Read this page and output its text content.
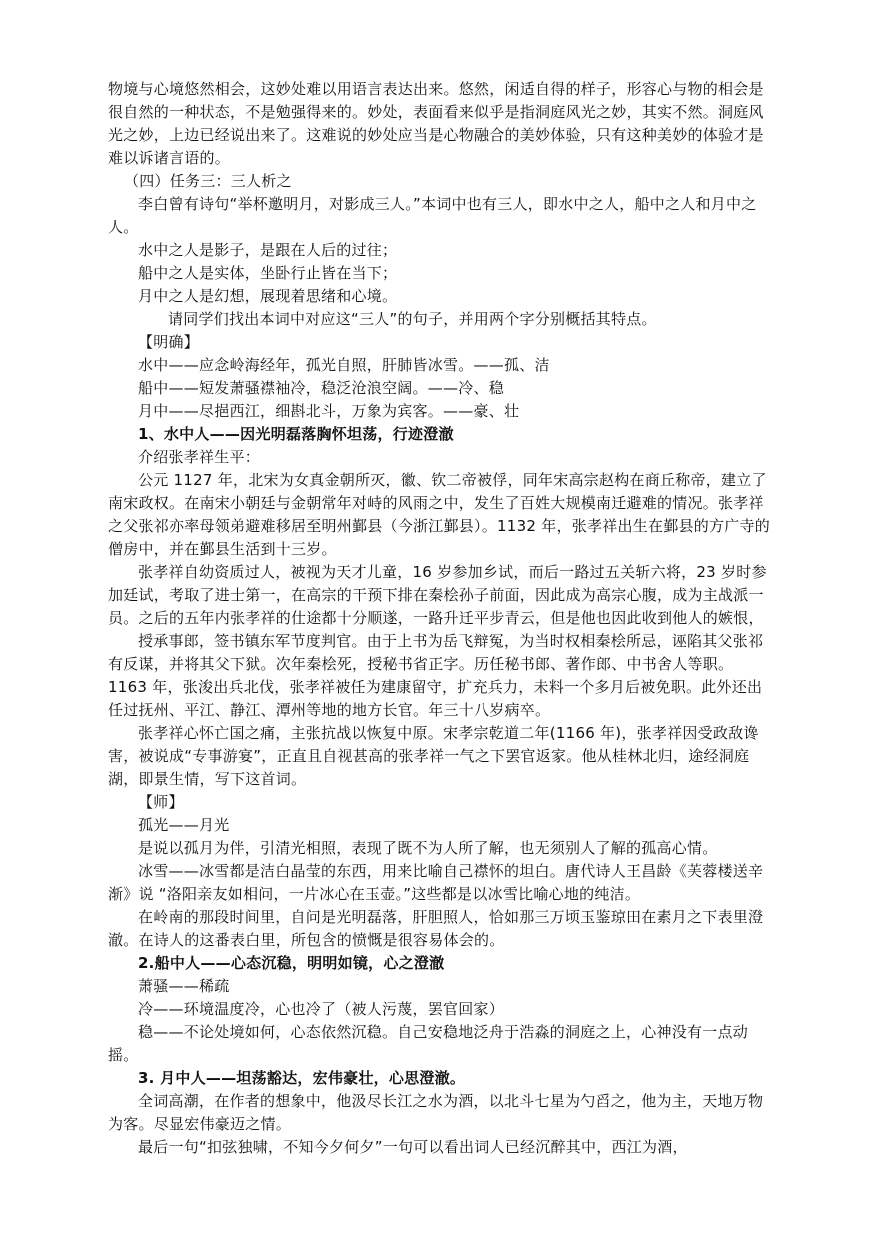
物境与心境悠然相会，这妙处难以用语言表达出来。悠然，闲适自得的样子，形容心与物的相会是很自然的一种状态，不是勉强得来的。妙处，表面看来似乎是指洞庭风光之妙，其实不然。洞庭风光之妙，上边已经说出来了。这难说的妙处应当是心物融合的美妙体验，只有这种美妙的体验才是难以诉诸言语的。

（四）任务三：三人析之

李白曾有诗句“举杯邀明月，对影成三人。”本词中也有三人，即水中之人，船中之人和月中之人。

水中之人是影子，是跟在人后的过往；

船中之人是实体，坐卧行止皆在当下；

月中之人是幻想，展现着思绪和心境。

请同学们找出本词中对应这“三人”的句子，并用两个字分别概括其特点。

【明确】

水中——应念岭海经年，孤光自照，肝肺皆冰雪。——孤、洁

船中——短发萧骚襟袖冷，稳泛沧浪空阔。——冷、稳

月中——尽挹西江，细斟北斗，万象为宾客。——豪、壮

1、水中人——因光明磊落胸怀坦荡，行迹澄澈

介绍张孝祥生平：

公元 1127 年，北宋为女真金朝所灭，徽、钦二帝被俘，同年宋高宗赵构在商丘称帝，建立了南宋政权。在南宋小朝廷与金朝常年对峙的风雨之中，发生了百姓大规模南迁避难的情况。张孝祥之父张祁亦率母领弟避难移居至明州鄞县（今浙江鄞县）。1132 年，张孝祥出生在鄞县的方广寺的僧房中，并在鄞县生活到十三岁。

张孝祥自幼资质过人，被视为天才儿童，16 岁参加乡试，而后一路过五关斩六将，23 岁时参加廷试，考取了进士第一，在高宗的干预下排在秦桧孙子前面，因此成为高宗心腹，成为主战派一员。之后的五年内张孝祥的仕途都十分顺遂，一路升迁平步青云，但是他也因此收到他人的嫉恨，

授承事郎，签书镇东军节度判官。由于上书为岳飞辩冤，为当时权相秦桧所忌，诬陷其父张祁有反谋，并将其父下狱。次年秦桧死，授秘书省正字。历任秘书郎、著作郎、中书舍人等职。1163 年，张浚出兵北伐，张孝祥被任为建康留守，扩充兵力，未料一个多月后被免职。此外还出任过抚州、平江、静江、潭州等地的地方长官。年三十八岁病卒。

张孝祥心怀亡国之痛，主张抗战以恢复中原。宋孝宗乾道二年(1166 年)，张孝祥因受政敌谗害，被说成“专事游宴”，正直且自视甚高的张孝祥一气之下罢官返家。他从桂林北归，途经洞庭湖，即景生情，写下这首词。

【师】

孤光——月光

是说以孤月为伴，引清光相照，表现了既不为人所了解，也无须别人了解的孤高心情。

冰雪——冰雪都是洁白晶莹的东西，用来比喻自己襟怀的坦白。唐代诗人王昌龄《芙蓉楼送辛渐》说 “洛阳亲友如相问，一片冰心在玉壶。”这些都是以冰雪比喻心地的纯洁。

在岭南的那段时间里，自问是光明磊落，肝胆照人，恰如那三万顷玉鉴琼田在素月之下表里澄澈。在诗人的这番表白里，所包含的愤慨是很容易体会的。

2.船中人——心态沉稳，明明如镜，心之澄澈

萧骚——稀疏

冷——环境温度冷，心也冷了（被人污蔑，罢官回家）

稳——不论处境如何，心态依然沉稳。自己安稳地泛舟于浩淼的洞庭之上，心神没有一点动摇。

3. 月中人——坦荡豁达，宏伟豪壮，心思澄澈。

全词高潮，在作者的想象中，他汲尽长江之水为酒，以北斗七星为勺舀之，他为主，天地万物为客。尽显宏伟豪迈之情。

最后一句“扣弦独啸，不知今夕何夕”一句可以看出词人已经沉醉其中，西江为酒，
